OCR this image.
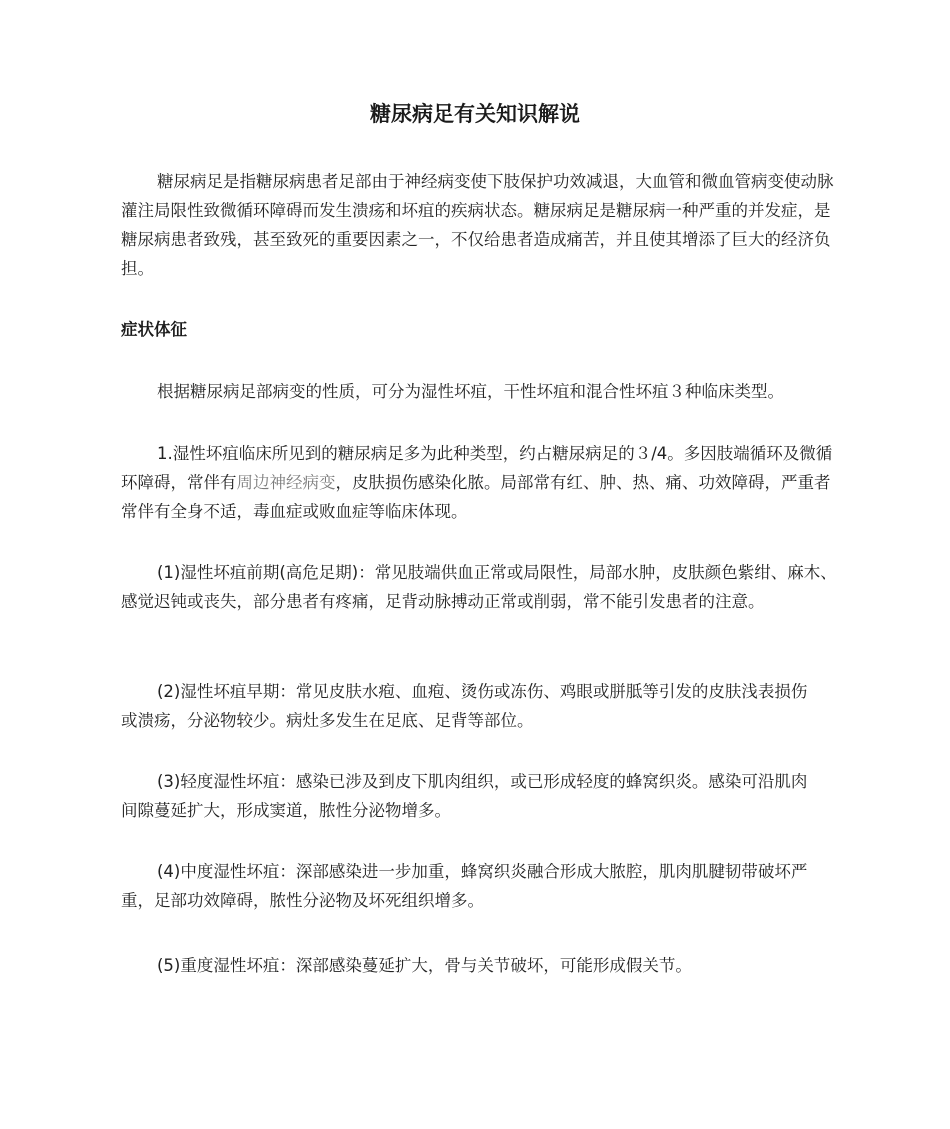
糖尿病足有关知识解说
糖尿病足是指糖尿病患者足部由于神经病变使下肢保护功效减退，大血管和微血管病变使动脉灌注局限性致微循环障碍而发生溃疡和坏疽的疾病状态。糖尿病足是糖尿病一种严重的并发症，是糖尿病患者致残，甚至致死的重要因素之一，不仅给患者造成痛苦，并且使其增添了巨大的经济负担。
症状体征
根据糖尿病足部病变的性质，可分为湿性坏疽，干性坏疽和混合性坏疽３种临床类型。
1.湿性坏疽临床所见到的糖尿病足多为此种类型，约占糖尿病足的３/4。多因肢端循环及微循环障碍，常伴有周边神经病变，皮肤损伤感染化脓。局部常有红、肿、热、痛、功效障碍，严重者常伴有全身不适，毒血症或败血症等临床体现。
(1)湿性坏疽前期(高危足期)：常见肢端供血正常或局限性，局部水肿，皮肤颜色紫绀、麻木、感觉迟钝或丧失，部分患者有疼痛，足背动脉搏动正常或削弱，常不能引发患者的注意。
(2)湿性坏疽早期：常见皮肤水疱、血疱、烫伤或冻伤、鸡眼或胼胝等引发的皮肤浅表损伤或溃疡，分泌物较少。病灶多发生在足底、足背等部位。
(3)轻度湿性坏疽：感染已涉及到皮下肌肉组织，或已形成轻度的蜂窝织炎。感染可沿肌肉间隙蔓延扩大，形成窦道，脓性分泌物增多。
(4)中度湿性坏疽：深部感染进一步加重，蜂窝织炎融合形成大脓腔，肌肉肌腱韧带破坏严重，足部功效障碍，脓性分泌物及坏死组织增多。
(5)重度湿性坏疽：深部感染蔓延扩大，骨与关节破坏，可能形成假关节。
